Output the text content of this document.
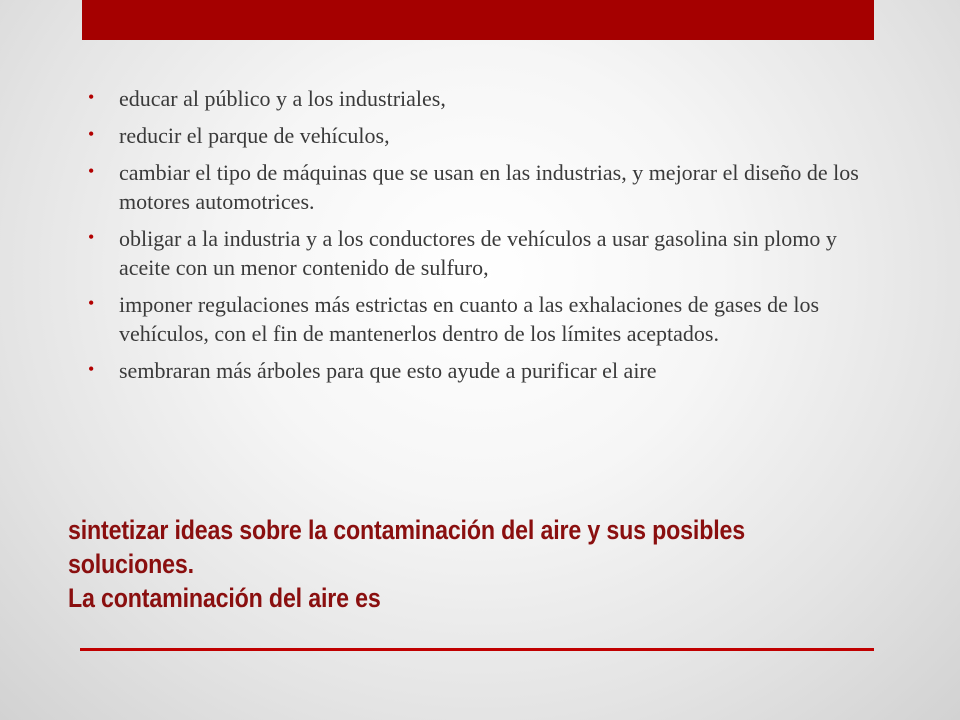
• educar al público y a los industriales,
• reducir el parque de vehículos,
• cambiar el tipo de máquinas que se usan en las industrias, y mejorar el diseño de los motores automotrices.
• obligar a la industria y a los conductores de vehículos a usar gasolina sin plomo y aceite con un menor contenido de sulfuro,
• imponer regulaciones más estrictas en cuanto a las exhalaciones de gases de los vehículos, con el fin de mantenerlos dentro de los límites aceptados.
• sembraran más árboles para que esto ayude a purificar el aire
sintetizar ideas sobre la contaminación del aire y sus posibles
soluciones.
La contaminación del aire es
